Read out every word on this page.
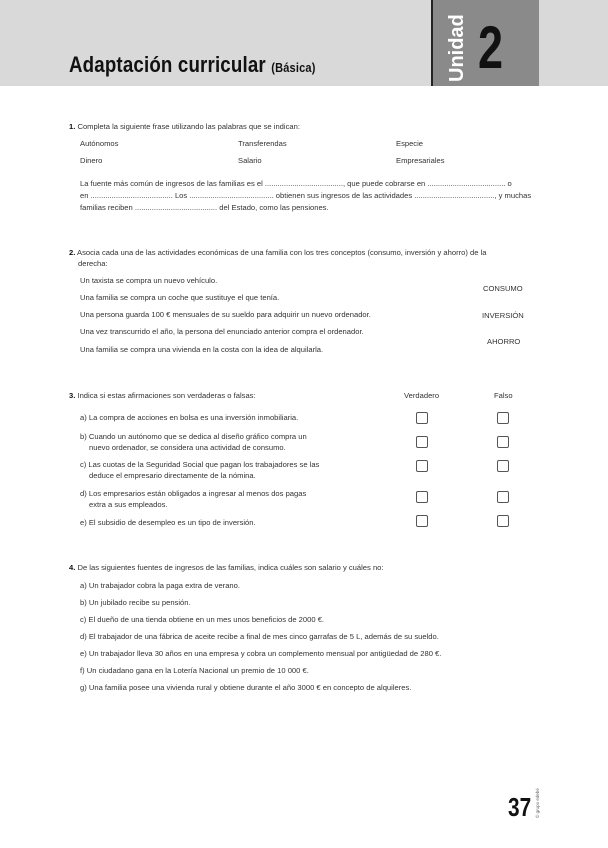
Adaptación curricular (Básica)	Unidad 2
1. Completa la siguiente frase utilizando las palabras que se indican:
Autónomos	Transferendas	Especie
Dinero	Salario	Empresariales
La fuente más común de ingresos de las familias es el ....................................., que puede cobrarse en ..................................... o
en ....................................... Los ........................................ obtienen sus ingresos de las actividades ......................................, y muchas
familias reciben ....................................... del Estado, como las pensiones.
2. Asocia cada una de las actividades económicas de una familia con los tres conceptos (consumo, inversión y ahorro) de la
derecha:
Un taxista se compra un nuevo vehículo.
Una familia se compra un coche que sustituye el que tenía.
Una persona guarda 100 € mensuales de su sueldo para adquirir un nuevo ordenador.
Una vez transcurrido el año, la persona del enunciado anterior compra el ordenador.
Una familia se compra una vivienda en la costa con la idea de alquilarla.
CONSUMO
INVERSIÓN
AHORRO
3. Indica si estas afirmaciones son verdaderas o falsas:	Verdadero	Falso
a) La compra de acciones en bolsa es una inversión inmobiliaria.
b) Cuando un autónomo que se dedica al diseño gráfico compra un
nuevo ordenador, se considera una actividad de consumo.
c) Las cuotas de la Seguridad Social que pagan los trabajadores se las
deduce el empresario directamente de la nómina.
d) Los empresarios están obligados a ingresar al menos dos pagas
extra a sus empleados.
e) El subsidio de desempleo es un tipo de inversión.
4. De las siguientes fuentes de ingresos de las familias, indica cuáles son salario y cuáles no:
a) Un trabajador cobra la paga extra de verano.
b) Un jubilado recibe su pensión.
c) El dueño de una tienda obtiene en un mes unos beneficios de 2000 €.
d) El trabajador de una fábrica de aceite recibe a final de mes cinco garrafas de 5 L, además de su sueldo.
e) Un trabajador lleva 30 años en una empresa y cobra un complemento mensual por antigüedad de 280 €.
f) Un ciudadano gana en la Lotería Nacional un premio de 10 000 €.
g) Una familia posee una vivienda rural y obtiene durante el año 3000 € en concepto de alquileres.
37 © grupo edebé
